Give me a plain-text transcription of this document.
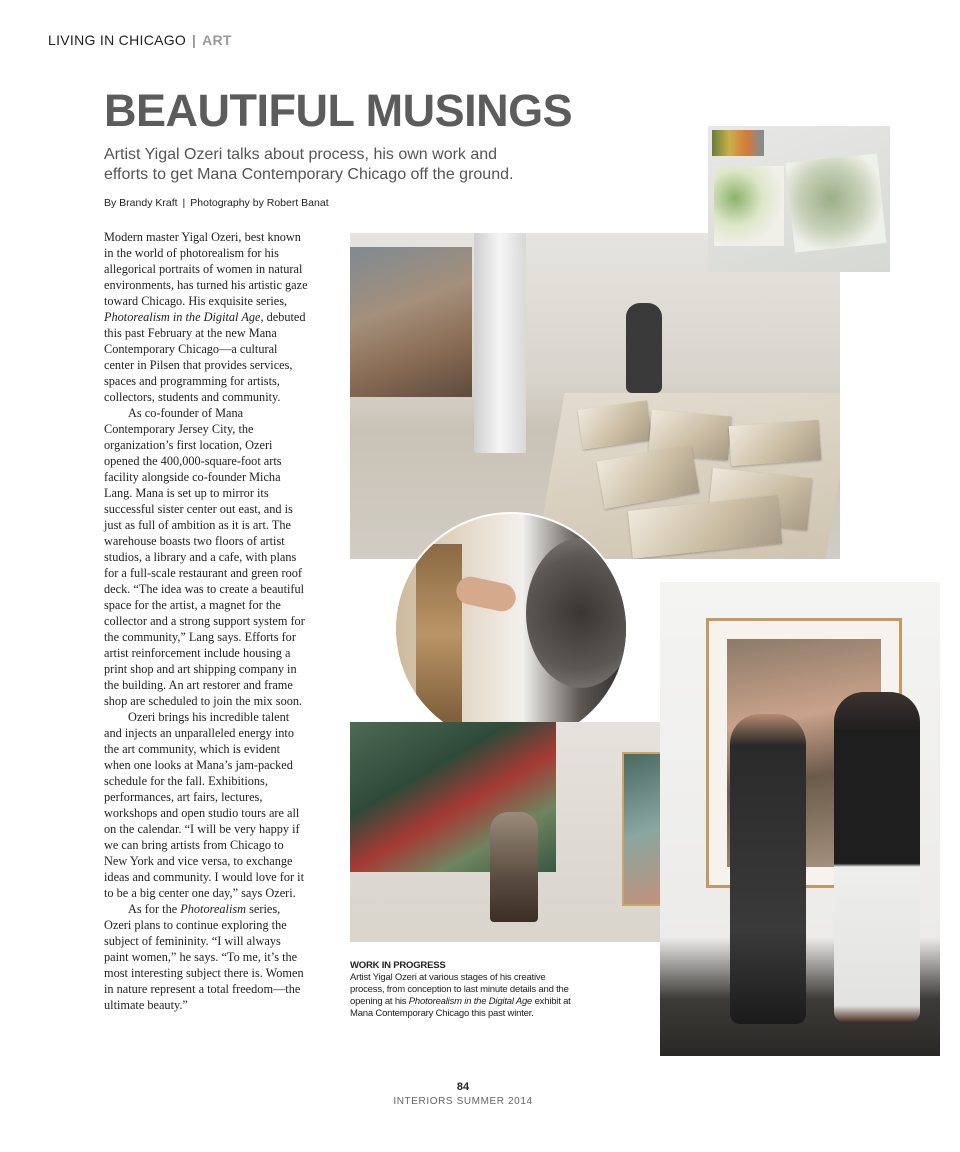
LIVING IN CHICAGO | ART
BEAUTIFUL MUSINGS
Artist Yigal Ozeri talks about process, his own work and efforts to get Mana Contemporary Chicago off the ground.
By Brandy Kraft | Photography by Robert Banat

Modern master Yigal Ozeri, best known in the world of photorealism for his allegorical portraits of women in natural environments, has turned his artistic gaze toward Chicago. His exquisite series, Photorealism in the Digital Age, debuted this past February at the new Mana Contemporary Chicago—a cultural center in Pilsen that provides services, spaces and programming for artists, collectors, students and community.

As co-founder of Mana Contemporary Jersey City, the organization’s first location, Ozeri opened the 400,000-square-foot arts facility alongside co-founder Micha Lang. Mana is set up to mirror its successful sister center out east, and is just as full of ambition as it is art. The warehouse boasts two floors of artist studios, a library and a cafe, with plans for a full-scale restaurant and green roof deck. “The idea was to create a beautiful space for the artist, a magnet for the collector and a strong support system for the community,” Lang says. Efforts for artist reinforcement include housing a print shop and art shipping company in the building. An art restorer and frame shop are scheduled to join the mix soon.

Ozeri brings his incredible talent and injects an unparalleled energy into the art community, which is evident when one looks at Mana’s jam-packed schedule for the fall. Exhibitions, performances, art fairs, lectures, workshops and open studio tours are all on the calendar. “I will be very happy if we can bring artists from Chicago to New York and vice versa, to exchange ideas and community. I would love for it to be a big center one day,” says Ozeri.

As for the Photorealism series, Ozeri plans to continue exploring the subject of femininity. “I will always paint women,” he says. “To me, it’s the most interesting subject there is. Women in nature represent a total freedom—the ultimate beauty.”

WORK IN PROGRESS
Artist Yigal Ozeri at various stages of his creative process, from conception to last minute details and the opening at his Photorealism in the Digital Age exhibit at Mana Contemporary Chicago this past winter.
84
INTERIORS SUMMER 2014
